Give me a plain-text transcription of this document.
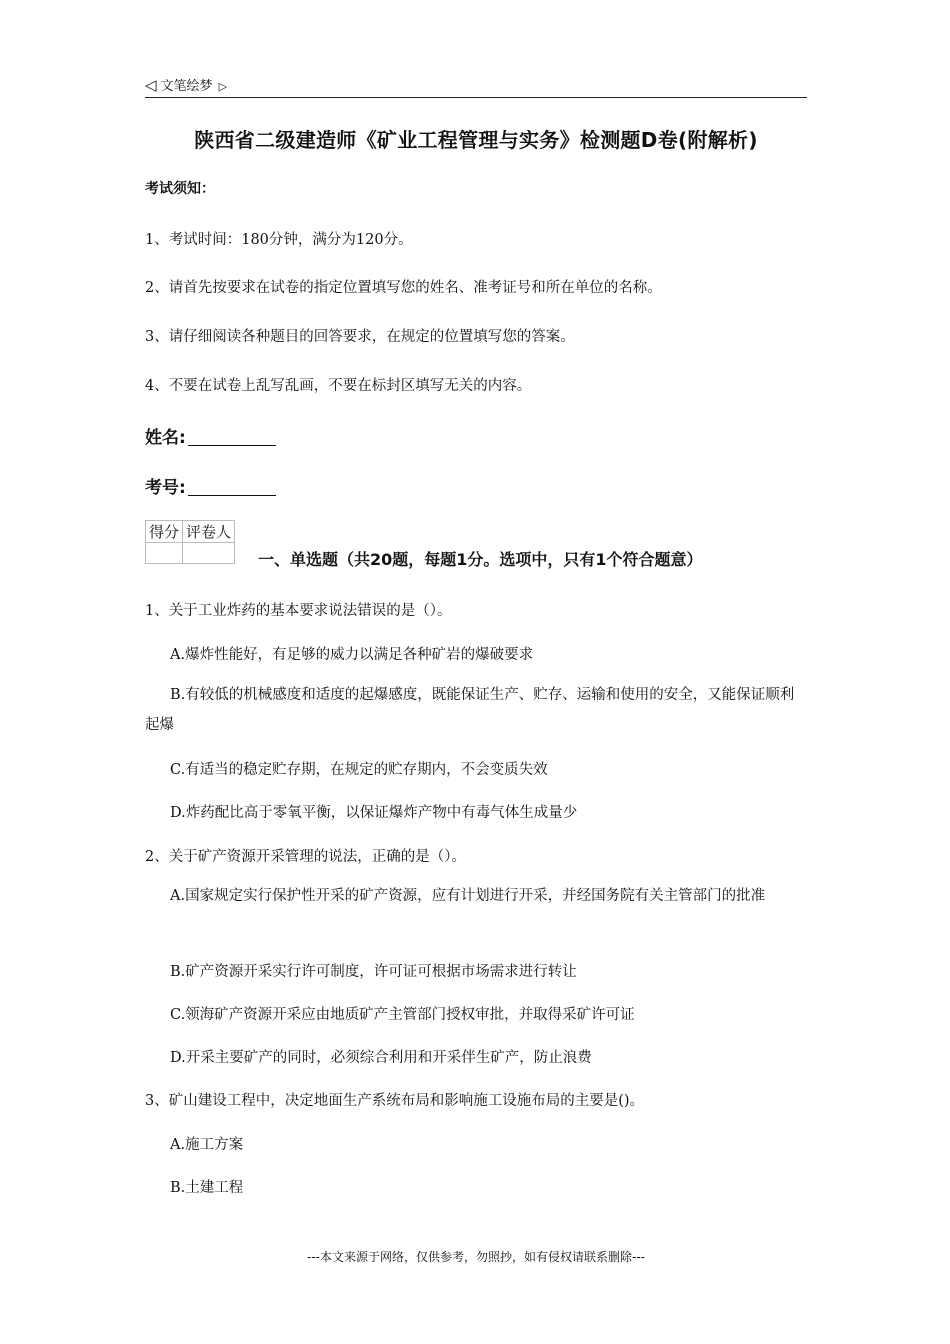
◁ 文笔绘梦 ▷
陕西省二级建造师《矿业工程管理与实务》检测题D卷(附解析)
考试须知：
1、考试时间：180分钟，满分为120分。
2、请首先按要求在试卷的指定位置填写您的姓名、准考证号和所在单位的名称。
3、请仔细阅读各种题目的回答要求，在规定的位置填写您的答案。
4、不要在试卷上乱写乱画，不要在标封区填写无关的内容。
姓名:
考号:
得分	评卷人

一、单选题（共20题，每题1分。选项中，只有1个符合题意）
1、关于工业炸药的基本要求说法错误的是（）。
A.爆炸性能好，有足够的威力以满足各种矿岩的爆破要求
B.有较低的机械感度和适度的起爆感度，既能保证生产、贮存、运输和使用的安全，又能保证顺利起爆
C.有适当的稳定贮存期，在规定的贮存期内，不会变质失效
D.炸药配比高于零氧平衡，以保证爆炸产物中有毒气体生成量少
2、关于矿产资源开采管理的说法，正确的是（）。
A.国家规定实行保护性开采的矿产资源，应有计划进行开采，并经国务院有关主管部门的批准
B.矿产资源开采实行许可制度，许可证可根据市场需求进行转让
C.领海矿产资源开采应由地质矿产主管部门授权审批，并取得采矿许可证
D.开采主要矿产的同时，必须综合利用和开采伴生矿产，防止浪费
3、矿山建设工程中，决定地面生产系统布局和影响施工设施布局的主要是()。
A.施工方案
B.土建工程
---本文来源于网络，仅供参考，勿照抄，如有侵权请联系删除---
